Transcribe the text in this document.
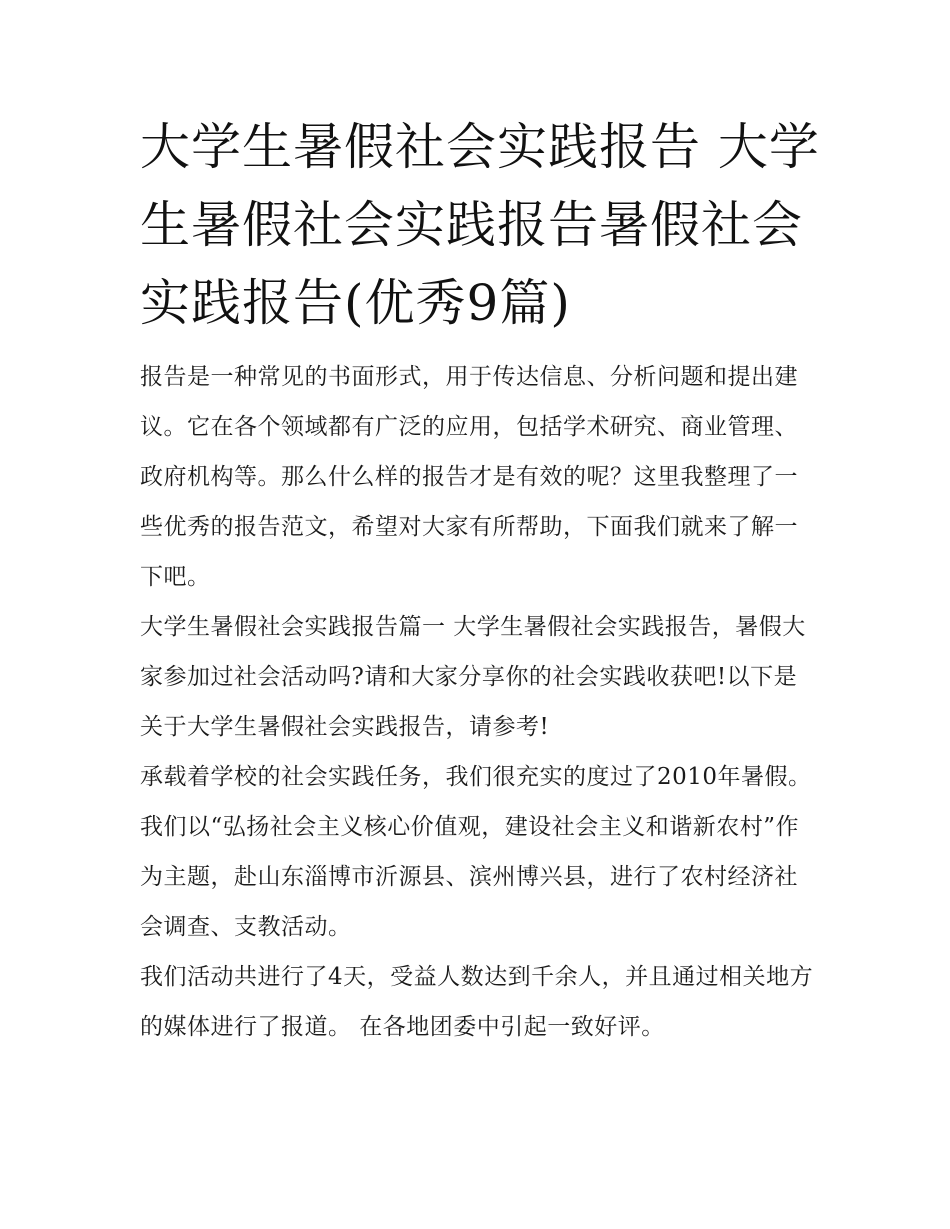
大学生暑假社会实践报告 大学生暑假社会实践报告暑假社会实践报告(优秀9篇)

报告是一种常见的书面形式，用于传达信息、分析问题和提出建议。它在各个领域都有广泛的应用，包括学术研究、商业管理、政府机构等。那么什么样的报告才是有效的呢？这里我整理了一些优秀的报告范文，希望对大家有所帮助，下面我们就来了解一下吧。

大学生暑假社会实践报告篇一 大学生暑假社会实践报告，暑假大家参加过社会活动吗?请和大家分享你的社会实践收获吧!以下是关于大学生暑假社会实践报告，请参考!

承载着学校的社会实践任务，我们很充实的度过了2010年暑假。

我们以“弘扬社会主义核心价值观，建设社会主义和谐新农村”作为主题，赴山东淄博市沂源县、滨州博兴县，进行了农村经济社会调查、支教活动。

我们活动共进行了4天，受益人数达到千余人，并且通过相关地方的媒体进行了报道。 在各地团委中引起一致好评。
